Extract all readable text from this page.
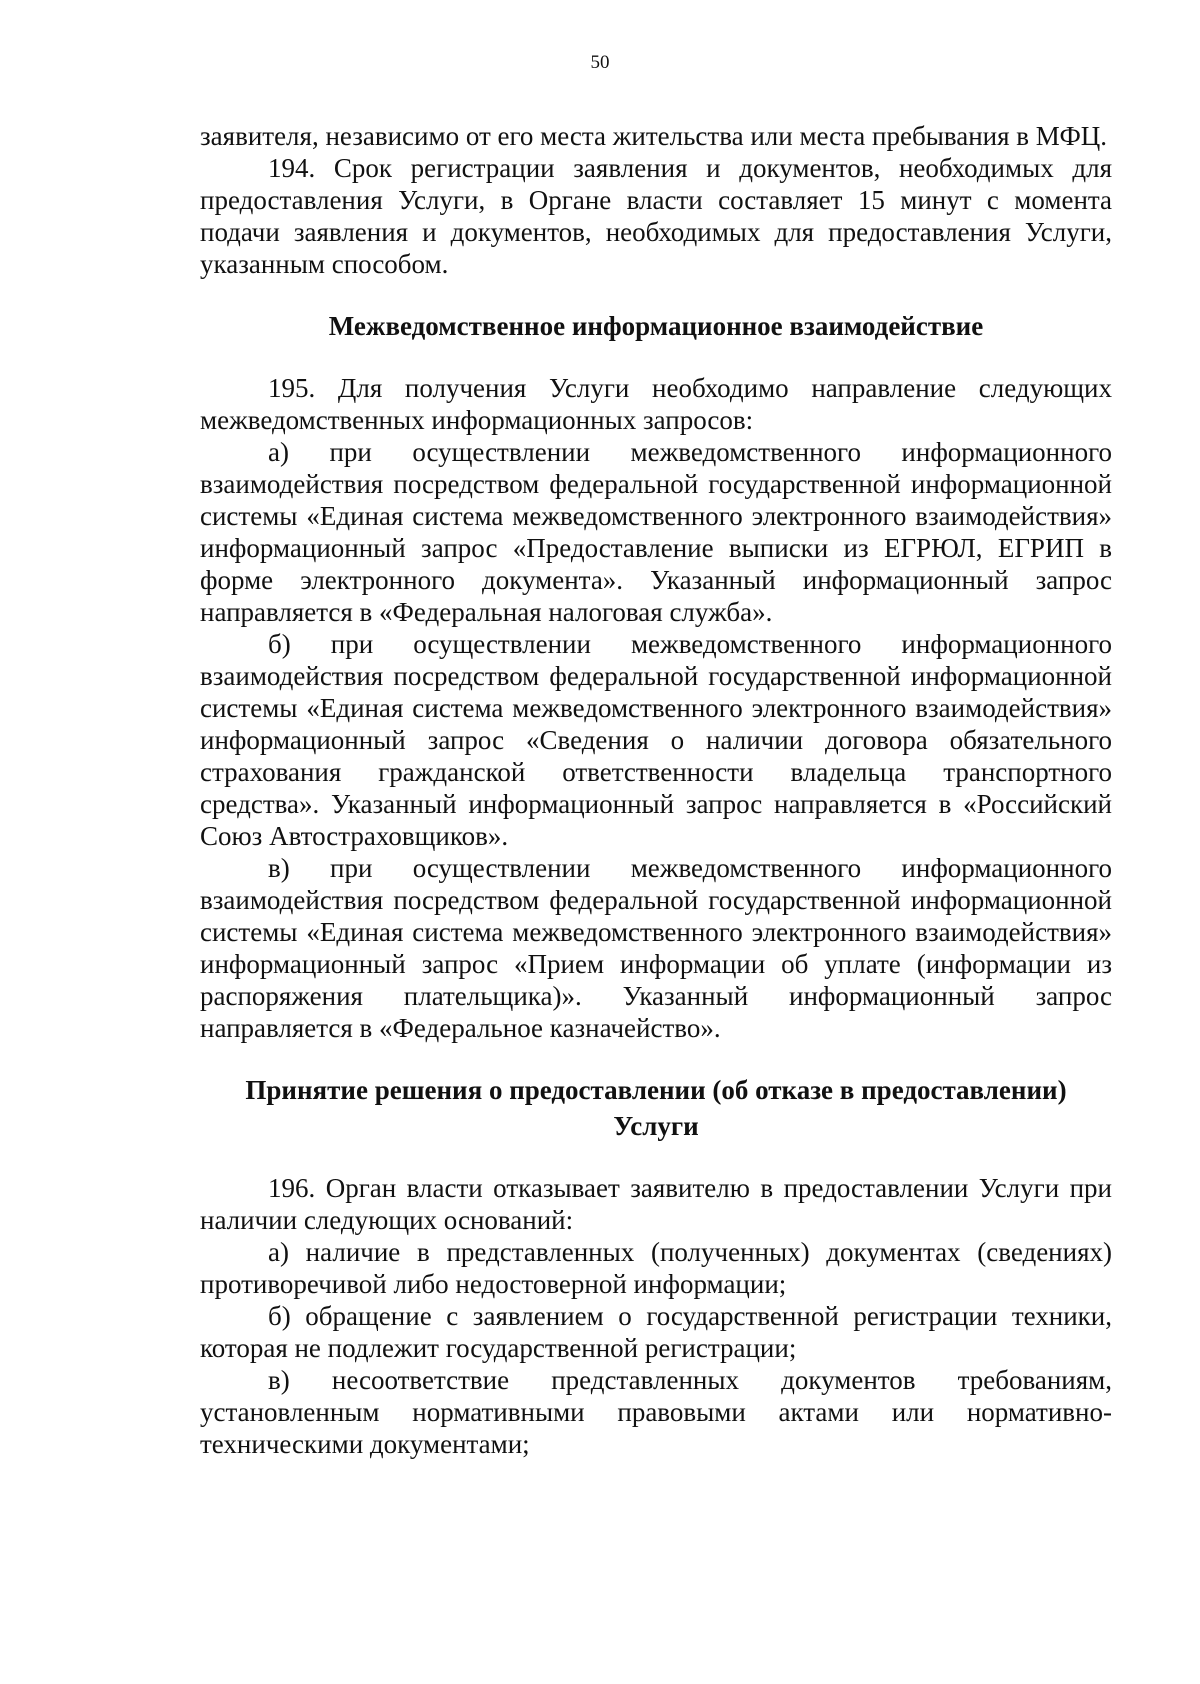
50

заявителя, независимо от его места жительства или места пребывания в МФЦ.

194. Срок регистрации заявления и документов, необходимых для предоставления Услуги, в Органе власти составляет 15 минут с момента подачи заявления и документов, необходимых для предоставления Услуги, указанным способом.

Межведомственное информационное взаимодействие

195. Для получения Услуги необходимо направление следующих межведомственных информационных запросов:

а) при осуществлении межведомственного информационного взаимодействия посредством федеральной государственной информационной системы «Единая система межведомственного электронного взаимодействия» информационный запрос «Предоставление выписки из ЕГРЮЛ, ЕГРИП в форме электронного документа». Указанный информационный запрос направляется в «Федеральная налоговая служба».

б) при осуществлении межведомственного информационного взаимодействия посредством федеральной государственной информационной системы «Единая система межведомственного электронного взаимодействия» информационный запрос «Сведения о наличии договора обязательного страхования гражданской ответственности владельца транспортного средства». Указанный информационный запрос направляется в «Российский Союз Автостраховщиков».

в) при осуществлении межведомственного информационного взаимодействия посредством федеральной государственной информационной системы «Единая система межведомственного электронного взаимодействия» информационный запрос «Прием информации об уплате (информации из распоряжения плательщика)». Указанный информационный запрос направляется в «Федеральное казначейство».

Принятие решения о предоставлении (об отказе в предоставлении) Услуги

196. Орган власти отказывает заявителю в предоставлении Услуги при наличии следующих оснований:

а) наличие в представленных (полученных) документах (сведениях) противоречивой либо недостоверной информации;

б) обращение с заявлением о государственной регистрации техники, которая не подлежит государственной регистрации;

в) несоответствие представленных документов требованиям, установленным нормативными правовыми актами или нормативно-техническими документами;
